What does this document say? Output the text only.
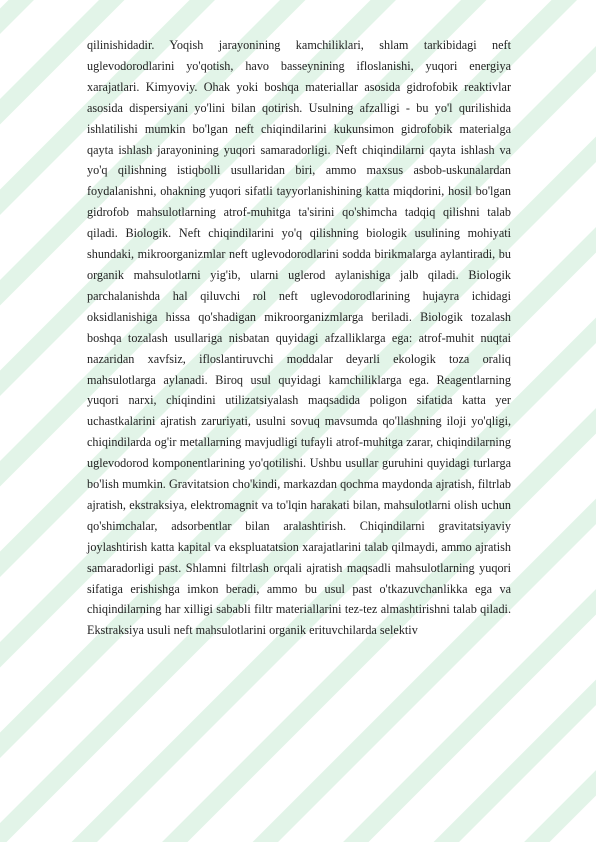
qilinishidadir. Yoqish jarayonining kamchiliklari, shlam tarkibidagi neft uglevodorodlarini yo'qotish, havo basseynining ifloslanishi, yuqori energiya xarajatlari. Kimyoviy. Ohak yoki boshqa materiallar asosida gidrofobik reaktivlar asosida dispersiyani yo'lini bilan qotirish. Usulning afzalligi - bu yo'l qurilishida ishlatilishi mumkin bo'lgan neft chiqindilarini kukunsimon gidrofobik materialga qayta ishlash jarayonining yuqori samaradorligi. Neft chiqindilarni qayta ishlash va yo'q qilishning istiqbolli usullaridan biri, ammo maxsus asbob-uskunalardan foydalanishni, ohakning yuqori sifatli tayyorlanishining katta miqdorini, hosil bo'lgan gidrofob mahsulotlarning atrof-muhitga ta'sirini qo'shimcha tadqiq qilishni talab qiladi. Biologik. Neft chiqindilarini yo'q qilishning biologik usulining mohiyati shundaki, mikroorganizmlar neft uglevodorodlarini sodda birikmalarga aylantiradi, bu organik mahsulotlarni yig'ib, ularni uglerod aylanishiga jalb qiladi. Biologik parchalanishda hal qiluvchi rol neft uglevodorodlarining hujayra ichidagi oksidlanishiga hissa qo'shadigan mikroorganizmlarga beriladi. Biologik tozalash boshqa tozalash usullariga nisbatan quyidagi afzalliklarga ega: atrof-muhit nuqtai nazaridan xavfsiz, ifloslantiruvchi moddalar deyarli ekologik toza oraliq mahsulotlarga aylanadi. Biroq usul quyidagi kamchiliklarga ega. Reagentlarning yuqori narxi, chiqindini utilizatsiyalash maqsadida poligon sifatida katta yer uchastkalarini ajratish zaruriyati, usulni sovuq mavsumda qo'llashning iloji yo'qligi, chiqindilarda og'ir metallarning mavjudligi tufayli atrof-muhitga zarar, chiqindilarning uglevodorod komponentlarining yo'qotilishi. Ushbu usullar guruhini quyidagi turlarga bo'lish mumkin. Gravitatsion cho'kindi, markazdan qochma maydonda ajratish, filtrlab ajratish, ekstraksiya, elektromagnit va to'lqin harakati bilan, mahsulotlarni olish uchun qo'shimchalar, adsorbentlar bilan aralashtirish. Chiqindilarni gravitatsiyaviy joylashtirish katta kapital va ekspluatatsion xarajatlarini talab qilmaydi, ammo ajratish samaradorligi past. Shlamni filtrlash orqali ajratish maqsadli mahsulotlarning yuqori sifatiga erishishga imkon beradi, ammo bu usul past o'tkazuvchanlikka ega va chiqindilarning har xilligi sababli filtr materiallarini tez-tez almashtirishni talab qiladi. Ekstraksiya usuli neft mahsulotlarini organik erituvchilarda selektiv
